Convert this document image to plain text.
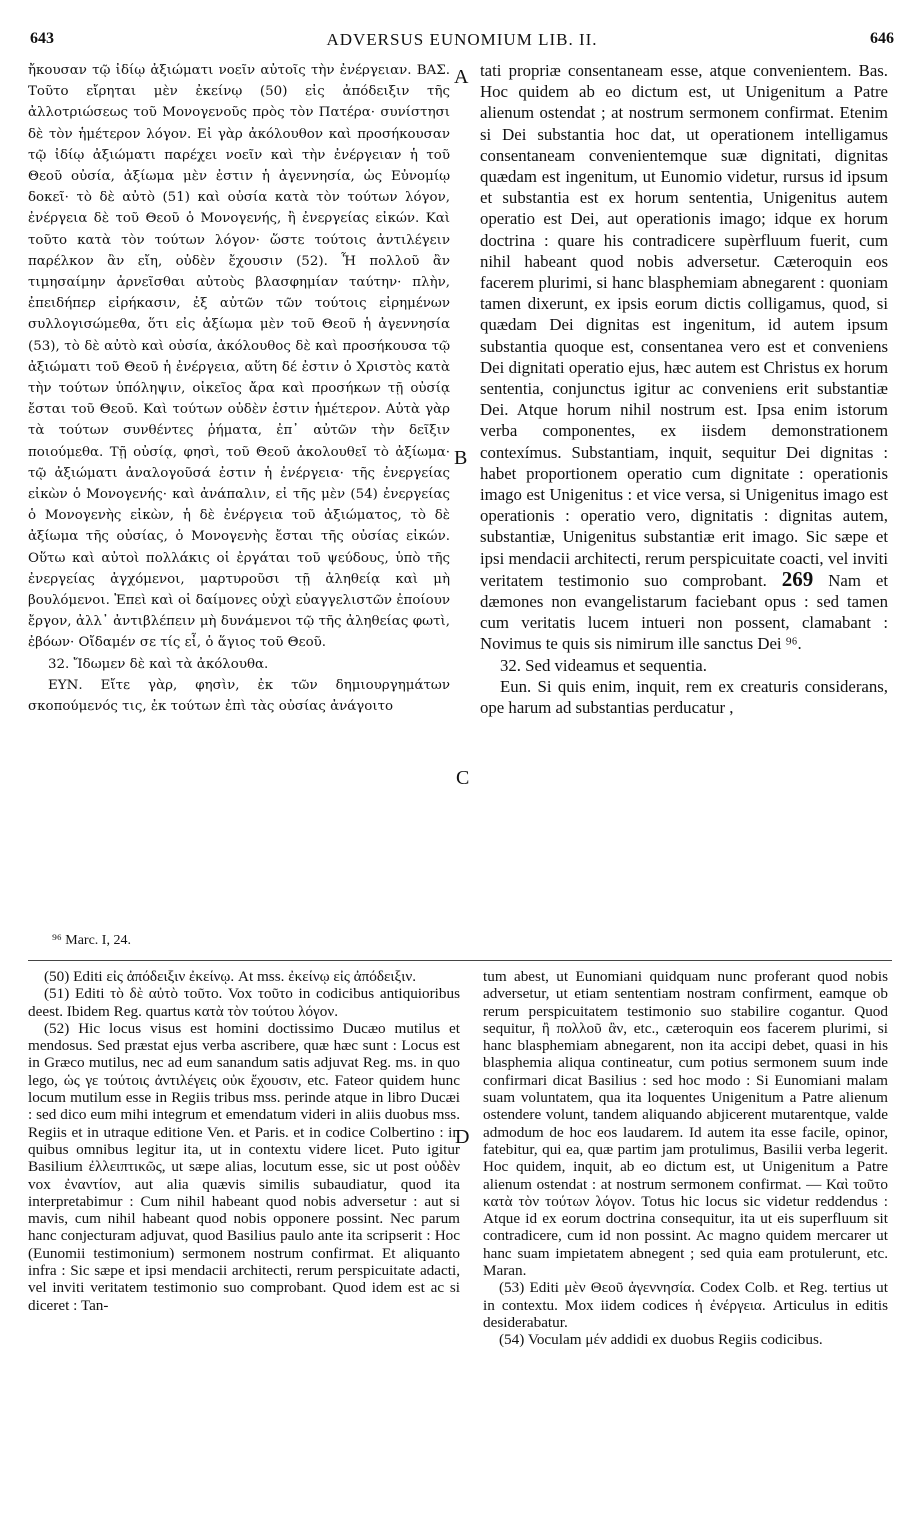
643	ADVERSUS EUNOMIUM LIB. II.	646

ἤκουσαν τῷ ἰδίῳ ἀξιώματι νοεῖν αὐτοῖς τὴν ἐνέργειαν. ΒΑΣ. Τοῦτο εἴρηται μὲν ἐκείνῳ (50) εἰς ἀπόδειξιν τῆς ἀλλοτριώσεως τοῦ Μονογενοῦς πρὸς τὸν Πατέρα· συνίστησι δὲ τὸν ἡμέτερον λόγον. Εἰ γὰρ ἀκόλουθον καὶ προσήκουσαν τῷ ἰδίῳ ἀξιώματι παρέχει νοεῖν καὶ τὴν ἐνέργειαν ἡ τοῦ Θεοῦ οὐσία, ἀξίωμα μὲν ἐστιν ἡ ἀγεννησία, ὡς Εὐνομίῳ δοκεῖ· τὸ δὲ αὐτὸ (51) καὶ οὐσία κατὰ τὸν τούτων λόγον, ἐνέργεια δὲ τοῦ Θεοῦ ὁ Μονογενής, ἢ ἐνεργείας εἰκών. Καὶ τοῦτο κατὰ τὸν τούτων λόγον· ὥστε τούτοις ἀντιλέγειν παρέλκον ἂν εἴη, οὐδὲν ἔχουσιν (52). Ἦ πολλοῦ ἂν τιμησαίμην ἀρνεῖσθαι αὐτοὺς βλασφημίαν ταύτην· πλὴν, ἐπειδήπερ εἰρήκασιν, ἐξ αὐτῶν τῶν τούτοις εἰρημένων συλλογισώμεθα, ὅτι εἰς ἀξίωμα μὲν τοῦ Θεοῦ ἡ ἀγεννησία (53), τὸ δὲ αὐτὸ καὶ οὐσία, ἀκόλουθος δὲ καὶ προσήκουσα τῷ ἀξιώματι τοῦ Θεοῦ ἡ ἐνέργεια, αὕτη δέ ἐστιν ὁ Χριστὸς κατὰ τὴν τούτων ὑπόληψιν, οἰκεῖος ἄρα καὶ προσήκων τῇ οὐσίᾳ ἔσται τοῦ Θεοῦ. Καὶ τούτων οὐδὲν ἐστιν ἡμέτερον. Αὐτὰ γὰρ τὰ τούτων συνθέντες ῥήματα, ἐπ᾽ αὐτῶν τὴν δεῖξιν ποιούμεθα. Τῇ οὐσίᾳ, φησὶ, τοῦ Θεοῦ ἀκολουθεῖ τὸ ἀξίωμα· τῷ ἀξιώματι ἀναλογοῦσά ἐστιν ἡ ἐνέργεια· τῆς ἐνεργείας εἰκὼν ὁ Μονογενής· καὶ ἀνάπαλιν, εἰ τῆς μὲν (54) ἐνεργείας ὁ Μονογενὴς εἰκὼν, ἡ δὲ ἐνέργεια τοῦ ἀξιώματος, τὸ δὲ ἀξίωμα τῆς οὐσίας, ὁ Μονογενὴς ἔσται τῆς οὐσίας εἰκών. Οὕτω καὶ αὐτοὶ πολλάκις οἱ ἐργάται τοῦ ψεύδους, ὑπὸ τῆς ἐνεργείας ἀγχόμενοι, μαρτυροῦσι τῇ ἀληθείᾳ καὶ μὴ βουλόμενοι. Ἐπεὶ καὶ οἱ δαίμονες οὐχὶ εὐαγγελιστῶν ἐποίουν ἔργον, ἀλλ᾽ ἀντιβλέπειν μὴ δυνάμενοι τῷ τῆς ἀληθείας φωτὶ, ἐβόων· Οἴδαμέν σε τίς εἶ, ὁ ἅγιος τοῦ Θεοῦ.

32. Ἴδωμεν δὲ καὶ τὰ ἀκόλουθα.

ΕΥΝ. Εἴτε γὰρ, φησὶν, ἐκ τῶν δημιουργημάτων σκοπούμενός τις, ἐκ τούτων ἐπὶ τὰς οὐσίας ἀνάγοιτο

tati propriæ consentaneam esse, atque convenientem. Bas. Hoc quidem ab eo dictum est, ut Unigenitum a Patre alienum ostendat ; at nostrum sermonem confirmat. Etenim si Dei substantia hoc dat, ut operationem intelligamus consentaneam convenientemque suæ dignitati, dignitas quædam est ingenitum, ut Eunomio videtur, rursus id ipsum et substantia est ex horum sententia, Unigenitus autem operatio est Dei, aut operationis imago; idque ex horum doctrina : quare his contradicere supèrfluum fuerit, cum nihil habeant quod nobis adversetur. Cæteroquin eos facerem plurimi, si hanc blasphemiam abnegarent : quoniam tamen dixerunt, ex ipsis eorum dictis colligamus, quod, si quædam Dei dignitas est ingenitum, id autem ipsum substantia quoque est, consentanea vero est et conveniens Dei dignitati operatio ejus, hæc autem est Christus ex horum sententia, conjunctus igitur ac conveniens erit substantiæ Dei. Atque horum nihil nostrum est. Ipsa enim istorum verba componentes, ex iisdem demonstrationem contexímus. Substantiam, inquit, sequitur Dei dignitas : habet proportionem operatio cum dignitate : operationis imago est Unigenitus : et vice versa, si Unigenitus imago est operationis : operatio vero, dignitatis : dignitas autem, substantiæ, Unigenitus substantiæ erit imago. Sic sæpe et ipsi mendacii architecti, rerum perspicuitate coacti, vel inviti veritatem testimonio suo comprobant. 269 Nam et dæmones non evangelistarum faciebant opus : sed tamen cum veritatis lucem intueri non possent, clamabant : Novimus te quis sis nimirum ille sanctus Dei ⁹⁶.

32. Sed videamus et sequentia.

Eun. Si quis enim, inquit, rem ex creaturis considerans, ope harum ad substantias perducatur ,

A
B
C
D
⁹⁶ Marc. I, 24.

(50) Editi εἰς ἀπόδειξιν ἐκείνῳ. At mss. ἐκείνῳ εἰς ἀπόδειξιν.

(51) Editi τὸ δὲ αὐτὸ τοῦτο. Vox τοῦτο in codicibus antiquioribus deest. Ibidem Reg. quartus κατὰ τὸν τούτου λόγον.

(52) Hic locus visus est homini doctissimo Ducæo mutilus et mendosus. Sed præstat ejus verba ascribere, quæ hæc sunt : Locus est in Græco mutilus, nec ad eum sanandum satis adjuvat Reg. ms. in quo lego, ὡς γε τούτοις ἀντιλέγεις οὐκ ἔχουσιν, etc. Fateor quidem hunc locum mutilum esse in Regiis tribus mss. perinde atque in libro Ducæi : sed dico eum mihi integrum et emendatum videri in aliis duobus mss. Regiis et in utraque editione Ven. et Paris. et in codice Colbertino : in quibus omnibus legitur ita, ut in contextu videre licet. Puto igitur Basilium ἐλλειπτικῶς, ut sæpe alias, locutum esse, sic ut post οὐδὲν vox ἐναντίον, aut alia quævis similis subaudiatur, quod ita interpretabimur : Cum nihil habeant quod nobis adversetur : aut si mavis, cum nihil habeant quod nobis opponere possint. Nec parum hanc conjecturam adjuvat, quod Basilius paulo ante ita scripserit : Hoc (Eunomii testimonium) sermonem nostrum confirmat. Et aliquanto infra : Sic sæpe et ipsi mendacii architecti, rerum perspicuitate adacti, vel inviti veritatem testimonio suo comprobant. Quod idem est ac si diceret : Tan-

tum abest, ut Eunomiani quidquam nunc proferant quod nobis adversetur, ut etiam sententiam nostram confirment, eamque ob rerum perspicuitatem testimonio suo stabilire cogantur. Quod sequitur, ἢ πολλοῦ ἂν, etc., cæteroquin eos facerem plurimi, si hanc blasphemiam abnegarent, non ita accipi debet, quasi in his blasphemia aliqua contineatur, cum potius sermonem suum inde confirmari dicat Basilius : sed hoc modo : Si Eunomiani malam suam voluntatem, qua ita loquentes Unigenitum a Patre alienum ostendere volunt, tandem aliquando abjicerent mutarentque, valde admodum de hoc eos laudarem. Id autem ita esse facile, opinor, fatebitur, qui ea, quæ partim jam protulimus, Basilii verba legerit. Hoc quidem, inquit, ab eo dictum est, ut Unigenitum a Patre alienum ostendat : at nostrum sermonem confirmat. — Καὶ τοῦτο κατὰ τὸν τούτων λόγον. Totus hic locus sic videtur reddendus : Atque id ex eorum doctrina consequitur, ita ut eis superfluum sit contradicere, cum id non possint. Ac magno quidem mercarer ut hanc suam impietatem abnegent ; sed quia eam protulerunt, etc. Maran.

(53) Editi μὲν Θεοῦ ἀγεννησία. Codex Colb. et Reg. tertius ut in contextu. Mox iidem codices ἡ ἐνέργεια. Articulus in editis desiderabatur.

(54) Voculam μέν addidi ex duobus Regiis codicibus.
